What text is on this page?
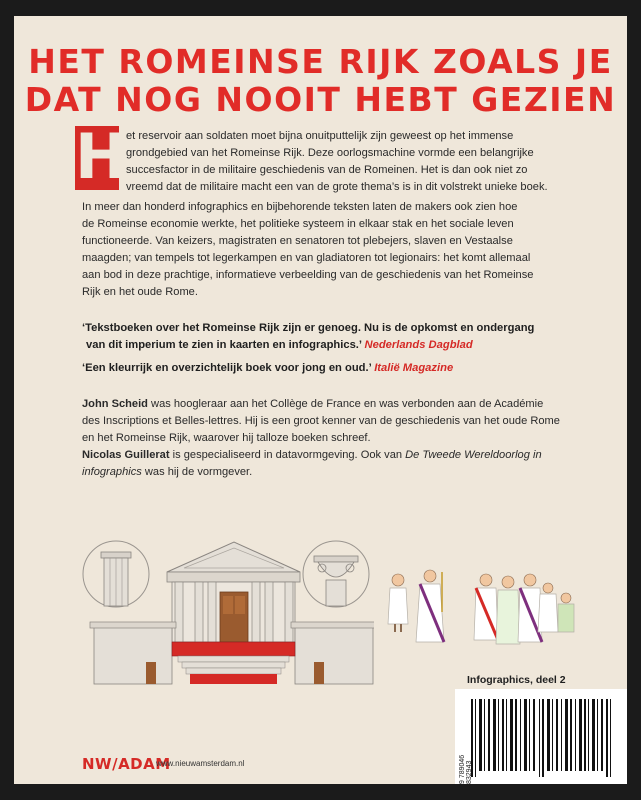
HET ROMEINSE RIJK ZOALS JE
DAT NOG NOOIT HEBT GEZIEN
H et reservoir aan soldaten moet bijna onuitputtelijk zijn geweest op het immense
grondgebied van het Romeinse Rijk. Deze oorlogsmachine vormde een belangrijke
succesfactor in de militaire geschiedenis van de Romeinen. Het is dan ook niet zo
vreemd dat de militaire macht een van de grote thema’s is in dit volstrekt unieke boek.
In meer dan honderd infographics en bijbehorende teksten laten de makers ook zien hoe
de Romeinse economie werkte, het politieke systeem in elkaar stak en het sociale leven
functioneerde. Van keizers, magistraten en senatoren tot plebejers, slaven en Vestaalse
maagden; van tempels tot legerkampen en van gladiatoren tot legionairs: het komt allemaal
aan bod in deze prachtige, informatieve verbeelding van de geschiedenis van het Romeinse
Rijk en het oude Rome.
‘Tekstboeken over het Romeinse Rijk zijn er genoeg. Nu is de opkomst en ondergang
van dit imperium te zien in kaarten en infographics.’ Nederlands Dagblad
‘Een kleurrijk en overzichtelijk boek voor jong en oud.’ Italië Magazine
John Scheid was hoogleraar aan het Collège de France en was verbonden aan de Académie
des Inscriptions et Belles-lettres. Hij is een groot kenner van de geschiedenis van het oude Rome
en het Romeinse Rijk, waarover hij talloze boeken schreef.
Nicolas Guillerat is gespecialiseerd in datavormgeving. Ook van De Tweede Wereldoorlog in
infographics was hij de vormgever.
Infographics, deel 2
9 789046 832943
NW/ADAM
www.nieuwamsterdam.nl
